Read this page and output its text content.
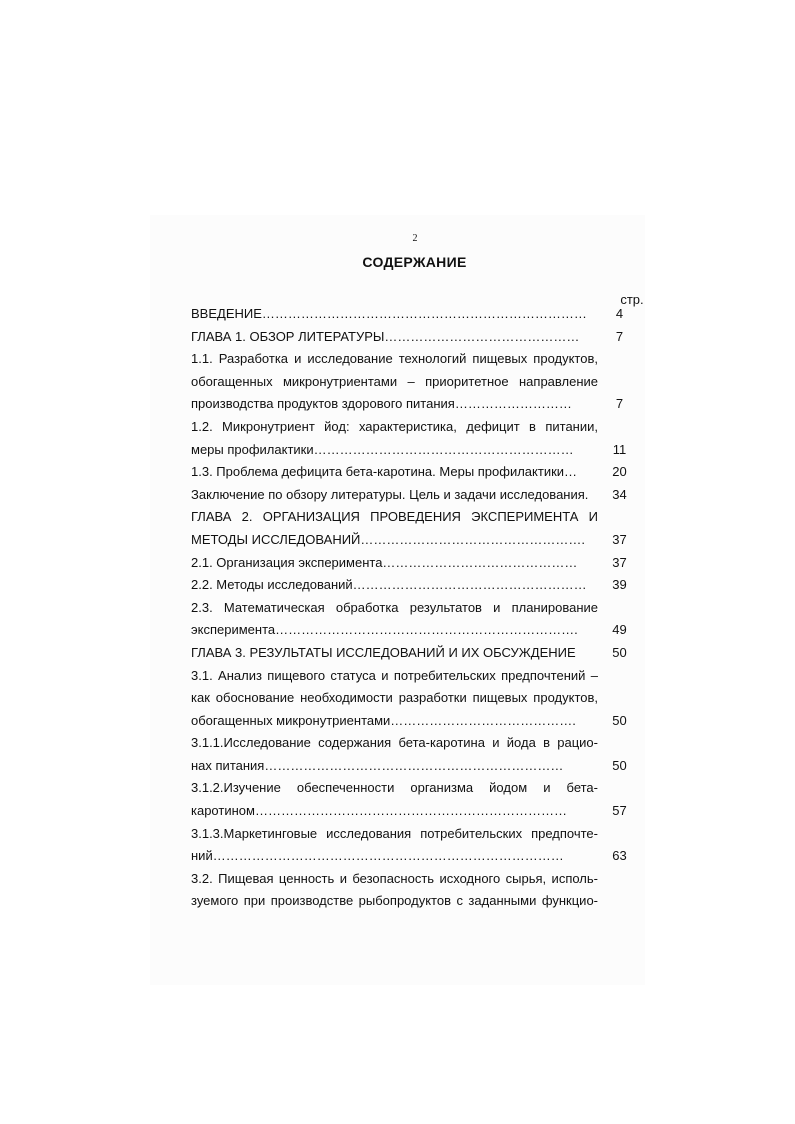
2
СОДЕРЖАНИЕ
стр.
ВВЕДЕНИЕ…………………………………………………………………	4
ГЛАВА 1. ОБЗОР ЛИТЕРАТУРЫ………………………………………	7
1.1. Разработка и исследование технологий пищевых продуктов,
обогащенных микронутриентами – приоритетное направление
производства продуктов здорового питания………………………	7
1.2. Микронутриент йод: характеристика, дефицит в питании,
меры профилактики……………………………………………………	11
1.3. Проблема дефицита бета-каротина. Меры профилактики…	20
Заключение по обзору литературы. Цель и задачи исследования.	34
ГЛАВА 2. ОРГАНИЗАЦИЯ ПРОВЕДЕНИЯ ЭКСПЕРИМЕНТА И
МЕТОДЫ ИССЛЕДОВАНИЙ…………………………………………….	37
2.1. Организация эксперимента………………………………………	37
2.2. Методы исследований………………………………………………	39
2.3. Математическая обработка результатов и планирование
эксперимента…………………………………………………………….	49
ГЛАВА 3. РЕЗУЛЬТАТЫ ИССЛЕДОВАНИЙ И ИХ ОБСУЖДЕНИЕ	50
3.1. Анализ пищевого статуса и потребительских предпочтений –
как обоснование необходимости разработки пищевых продуктов,
обогащенных микронутриентами…………………………………….	50
3.1.1.Исследование содержания бета-каротина и йода в рацио-
нах питания……………………………………………………………	50
3.1.2.Изучение обеспеченности организма йодом и бета-
каротином………………………………………………………………	57
3.1.3.Маркетинговые исследования потребительских предпочте-
ний………………………………………………………………………	63
3.2. Пищевая ценность и безопасность исходного сырья, исполь-
зуемого при производстве рыбопродуктов с заданными функцио-
